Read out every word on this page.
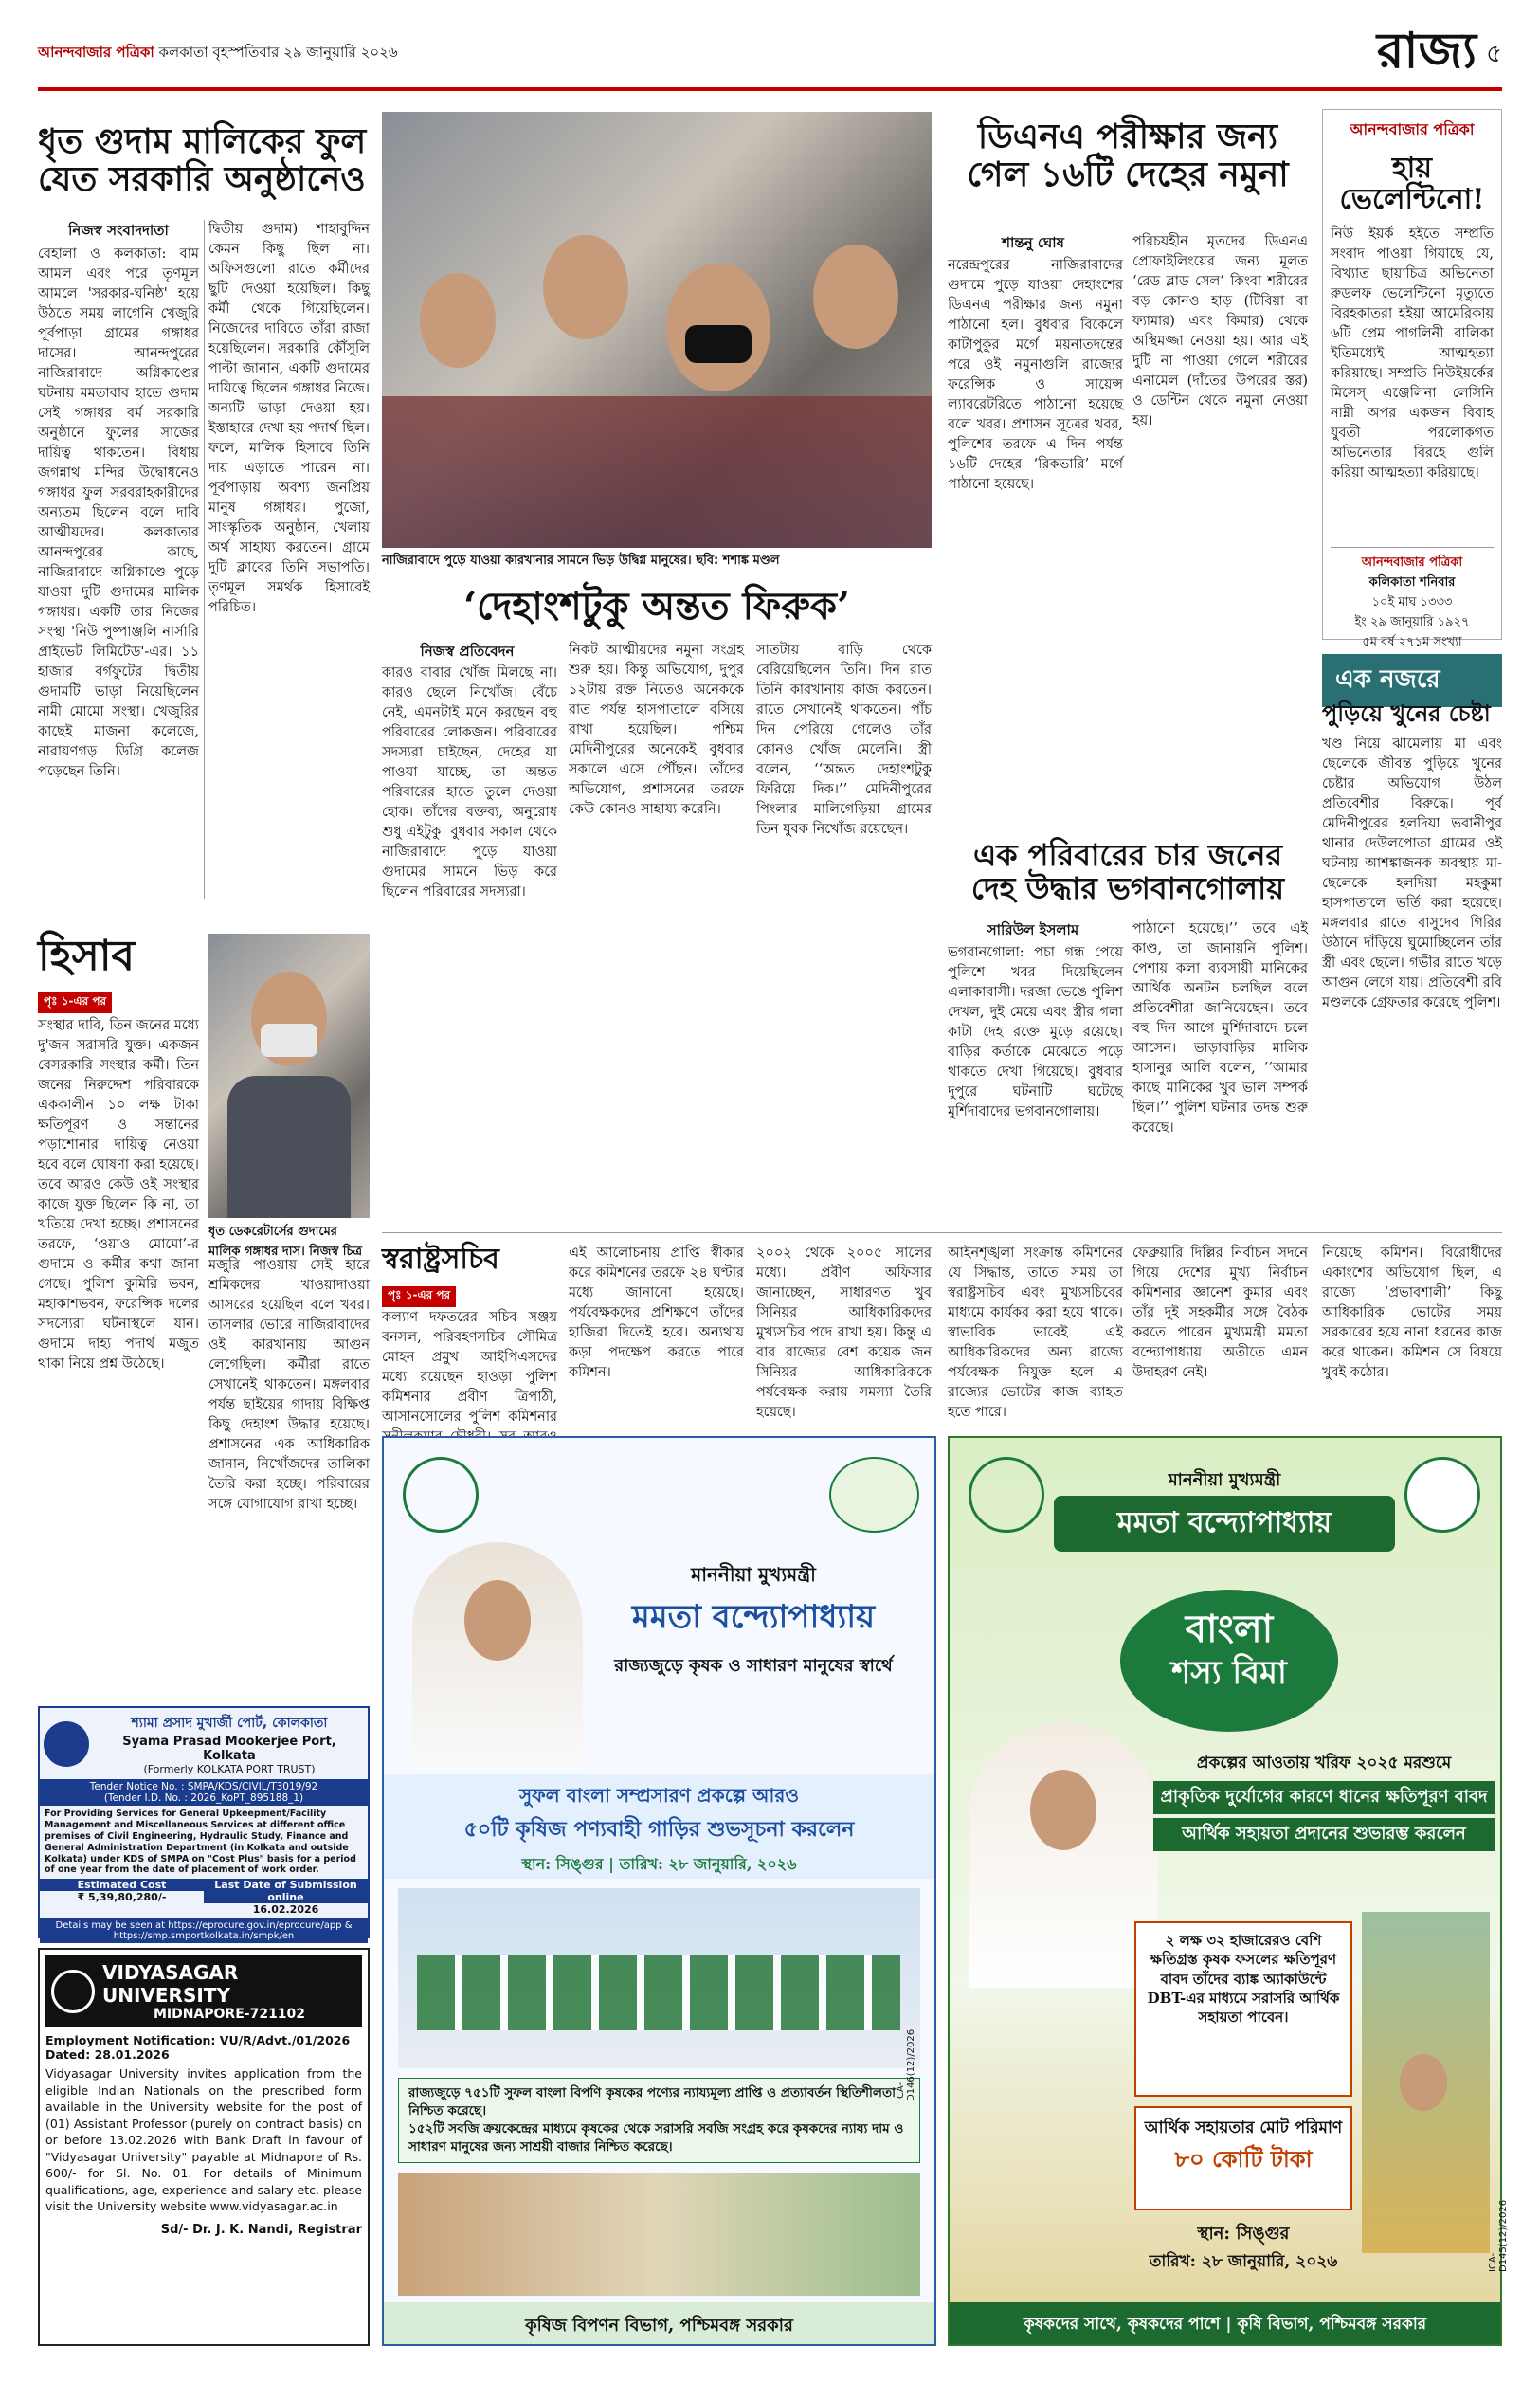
আনন্দবাজার পত্রিকা কলকাতা বৃহস্পতিবার ২৯ জানুয়ারি ২০২৬	রাজ্য ৫
ধৃত গুদাম মালিকের ফুল যেত সরকারি অনুষ্ঠানেও
নিজস্ব সংবাদদাতা
বেহালা ও কলকাতা: বাম আমল এবং পরে তৃণমূল আমলে 'সরকার-ঘনিষ্ঠ' হয়ে উঠতে সময় লাগেনি খেজুরি পূর্বপাড়া গ্রামের গঙ্গাধর দাসের। আনন্দপুরের নাজিরাবাদে অগ্নিকাণ্ডের ঘটনায় মমতাবাব হাতে গুদাম সেই গঙ্গাধর বর্ম সরকারি অনুষ্ঠানে ফুলের সাজের দায়িত্ব থাকতেন। বিধায় জগন্নাথ মন্দির উদ্বোধনেও গঙ্গাধর ফুল সরবরাহকারীদের অন্যতম ছিলেন বলে দাবি আত্মীয়দের। কলকাতার আনন্দপুরের কাছে, নাজিরাবাদে অগ্নিকাণ্ডে পুড়ে যাওয়া দুটি গুদামের মালিক গঙ্গাধর। একটি তার নিজের সংস্থা 'নিউ পুষ্পাঞ্জলি নার্সারি প্রাইভেট লিমিটেড'-এর। ১১ হাজার বর্গফুটের দ্বিতীয় গুদামটি ভাড়া নিয়েছিলেন নামী মোমো সংস্থা। খেজুরির কাছেই মাজনা কলেজে, নারায়ণগড় ডিগ্রি কলেজ পড়েছেন তিনি।
দ্বিতীয় গুদাম) শাহাবুদ্দিন কেমন কিছু ছিল না। অফিসগুলো রাতে কর্মীদের ছুটি দেওয়া হয়েছিল। কিছু কর্মী থেকে গিয়েছিলেন। নিজেদের দাবিতে তাঁরা রাজা হয়েছিলেন। সরকারি কৌঁসুলি পাল্টা জানান, একটি গুদামের দায়িত্বে ছিলেন গঙ্গাধর নিজে। অন্যটি ভাড়া দেওয়া হয়। ইস্তাহারে দেখা হয় পদার্থ ছিল। ফলে, মালিক হিসাবে তিনি দায় এড়াতে পারেন না। পূর্বপাড়ায় অবশ্য জনপ্রিয় মানুষ গঙ্গাধর। পুজো, সাংস্কৃতিক অনুষ্ঠান, খেলায় অর্থ সাহায্য করতেন। গ্রামে দুটি ক্লাবের তিনি সভাপতি। তৃণমূল সমর্থক হিসাবেই পরিচিত।
নাজিরাবাদে পুড়ে যাওয়া কারখানার সামনে ভিড় উদ্বিগ্ন মানুষের। ছবি: শশাঙ্ক মণ্ডল
‘দেহাংশটুকু অন্তত ফিরুক’
নিজস্ব প্রতিবেদন
কারও বাবার খোঁজ মিলছে না। কারও ছেলে নিখোঁজ। বেঁচে নেই, এমনটাই মনে করছেন বহু পরিবারের লোকজন। পরিবারের সদস্যরা চাইছেন, দেহের যা পাওয়া যাচ্ছে, তা অন্তত পরিবারের হাতে তুলে দেওয়া হোক। তাঁদের বক্তব্য, অনুরোধ শুধু এইটুকু। বুধবার সকাল থেকে নাজিরাবাদে পুড়ে যাওয়া গুদামের সামনে ভিড় করে ছিলেন পরিবারের সদস্যরা।
নিকট আত্মীয়দের নমুনা সংগ্রহ শুরু হয়। কিন্তু অভিযোগ, দুপুর ১২টায় রক্ত নিতেও অনেককে রাত পর্যন্ত হাসপাতালে বসিয়ে রাখা হয়েছিল। পশ্চিম মেদিনীপুরের অনেকেই বুধবার সকালে এসে পৌঁছন। তাঁদের অভিযোগ, প্রশাসনের তরফে কেউ কোনও সাহায্য করেনি।
সাতটায় বাড়ি থেকে বেরিয়েছিলেন তিনি। দিন রাত তিনি কারখানায় কাজ করতেন। রাতে সেখানেই থাকতেন। পাঁচ দিন পেরিয়ে গেলেও তাঁর কোনও খোঁজ মেলেনি। স্ত্রী বলেন, ‘‘অন্তত দেহাংশটুকু ফিরিয়ে দিক।’’ মেদিনীপুরের পিংলার মালিগেড়িয়া গ্রামের তিন যুবক নিখোঁজ রয়েছেন।
ডিএনএ পরীক্ষার জন্য গেল ১৬টি দেহের নমুনা
শান্তনু ঘোষ
নরেন্দ্রপুরের নাজিরাবাদের গুদামে পুড়ে যাওয়া দেহাংশের ডিএনএ পরীক্ষার জন্য নমুনা পাঠানো হল। বুধবার বিকেলে কাটাপুকুর মর্গে ময়নাতদন্তের পরে ওই নমুনাগুলি রাজ্যের ফরেন্সিক ও সায়েন্স ল্যাবরেটরিতে পাঠানো হয়েছে বলে খবর। প্রশাসন সূত্রের খবর, পুলিশের তরফে এ দিন পর্যন্ত ১৬টি দেহের ‘রিকভারি’ মর্গে পাঠানো হয়েছে।
পরিচয়হীন মৃতদের ডিএনএ প্রোফাইলিংয়ের জন্য মূলত ‘রেড ব্লাড সেল’ কিংবা শরীরের বড় কোনও হাড় (টিবিয়া বা ফ্যামার) এবং কিমার) থেকে অস্থিমজ্জা নেওয়া হয়। আর এই দুটি না পাওয়া গেলে শরীরের এনামেল (দাঁতের উপরের স্তর) ও ডেন্টিন থেকে নমুনা নেওয়া হয়।
আনন্দবাজার পত্রিকা
হায় ভেলেন্টিনো!
নিউ ইয়র্ক হইতে সম্প্রতি সংবাদ পাওয়া গিয়াছে যে, বিখ্যাত ছায়াচিত্র অভিনেতা রুডলফ ভেলেন্টিনো মৃত্যুতে বিরহকাতরা হইয়া আমেরিকায় ৬টি প্রেম পাগলিনী বালিকা ইতিমধ্যেই আত্মহত্যা করিয়াছে। সম্প্রতি নিউইয়র্কের মিসেস্ এঞ্জেলিনা লেসিনি নাম্নী অপর একজন বিবাহ যুবতী পরলোকগত অভিনেতার বিরহে গুলি করিয়া আত্মহত্যা করিয়াছে।
আনন্দবাজার পত্রিকা
কলিকাতা শনিবার
১০ই মাঘ ১৩৩৩
ইং ২৯ জানুয়ারি ১৯২৭
৫ম বর্ষ ২৭১ম সংখ্যা
এক নজরে
পুড়িয়ে খুনের চেষ্টা
খণ্ড নিয়ে ঝামেলায় মা এবং ছেলেকে জীবন্ত পুড়িয়ে খুনের চেষ্টার অভিযোগ উঠল প্রতিবেশীর বিরুদ্ধে। পূর্ব মেদিনীপুরের হলদিয়া ভবানীপুর থানার দেউলপোতা গ্রামের ওই ঘটনায় আশঙ্কাজনক অবস্থায় মা-ছেলেকে হলদিয়া মহকুমা হাসপাতালে ভর্তি করা হয়েছে। মঙ্গলবার রাতে বাসুদেব গিরির উঠানে দাঁড়িয়ে ঘুমোচ্ছিলেন তাঁর স্ত্রী এবং ছেলে। গভীর রাতে খড়ে আগুন লেগে যায়। প্রতিবেশী রবি মণ্ডলকে গ্রেফতার করেছে পুলিশ।
এক পরিবারের চার জনের দেহ উদ্ধার ভগবানগোলায়
সারিউল ইসলাম
ভগবানগোলা: পচা গন্ধ পেয়ে পুলিশে খবর দিয়েছিলেন এলাকাবাসী। দরজা ভেঙে পুলিশ দেখল, দুই মেয়ে এবং স্ত্রীর গলা কাটা দেহ রক্তে মুড়ে রয়েছে। বাড়ির কর্তাকে মেঝেতে পড়ে থাকতে দেখা গিয়েছে। বুধবার দুপুরে ঘটনাটি ঘটেছে মুর্শিদাবাদের ভগবানগোলায়।
পাঠানো হয়েছে।’’ তবে এই কাণ্ড, তা জানায়নি পুলিশ। পেশায় কলা ব্যবসায়ী মানিকের আর্থিক অনটন চলছিল বলে প্রতিবেশীরা জানিয়েছেন। তবে বহু দিন আগে মুর্শিদাবাদে চলে আসেন। ভাড়াবাড়ির মালিক হাসানুর আলি বলেন, ‘‘আমার কাছে মানিকের খুব ভাল সম্পর্ক ছিল।’’ পুলিশ ঘটনার তদন্ত শুরু করেছে।
হিসাব
পৃঃ ১-এর পর
সংস্থার দাবি, তিন জনের মধ্যে দু'জন সরাসরি যুক্ত। একজন বেসরকারি সংস্থার কর্মী। তিন জনের নিরুদ্দেশ পরিবারকে এককালীন ১০ লক্ষ টাকা ক্ষতিপূরণ ও সন্তানের পড়াশোনার দায়িত্ব নেওয়া হবে বলে ঘোষণা করা হয়েছে। তবে আরও কেউ ওই সংস্থার কাজে যুক্ত ছিলেন কি না, তা খতিয়ে দেখা হচ্ছে। প্রশাসনের তরফে, ‘ওয়াও মোমো’-র গুদামে ও কর্মীর কথা জানা গেছে। পুলিশ কুমিরি ভবন, মহাকাশভবন, ফরেন্সিক দলের সদস্যেরা ঘটনাস্থলে যান। গুদামে দাহ্য পদার্থ মজুত থাকা নিয়ে প্রশ্ন উঠেছে।
ধৃত ডেকরেটার্সের গুদামের মালিক গঙ্গাধর দাস। নিজস্ব চিত্র
মজুরি পাওয়ায় সেই হারে শ্রমিকদের খাওয়াদাওয়া আসরের হয়েছিল বলে খবর। তাসলার ভোরে নাজিরাবাদের ওই কারখানায় আগুন লেগেছিল। কর্মীরা রাতে সেখানেই থাকতেন। মঙ্গলবার পর্যন্ত ছাইয়ের গাদায় বিক্ষিপ্ত কিছু দেহাংশ উদ্ধার হয়েছে। প্রশাসনের এক আধিকারিক জানান, নিখোঁজদের তালিকা তৈরি করা হচ্ছে। পরিবারের সঙ্গে যোগাযোগ রাখা হচ্ছে।
স্বরাষ্ট্রসচিব
পৃঃ ১-এর পর
কল্যাণ দফতরের সচিব সঞ্জয় বনসল, পরিবহণসচিব সৌমিত্র মোহন প্রমুখ। আইপিএসদের মধ্যে রয়েছেন হাওড়া পুলিশ কমিশনার প্রবীণ ত্রিপাঠী, আসানসোলের পুলিশ কমিশনার
এই আলোচনায় প্রাপ্তি স্বীকার করে কমিশনের তরফে ২৪ ঘণ্টার মধ্যে জানানো হয়েছে। পর্যবেক্ষকদের প্রশিক্ষণে তাঁদের হাজিরা দিতেই হবে। অন্যথায় কড়া পদক্ষেপ করতে পারে কমিশন।
২০০২ থেকে ২০০৫ সালের মধ্যে। প্রবীণ অফিসার জানাচ্ছেন, সাধারণত খুব সিনিয়র আধিকারিকদের মুখ্যসচিব পদে রাখা হয়। কিন্তু এ বার রাজ্যের বেশ কয়েক জন সিনিয়র আধিকারিককে পর্যবেক্ষক করায় সমস্যা তৈরি হয়েছে।
আইনশৃঙ্খলা সংক্রান্ত কমিশনের যে সিদ্ধান্ত, তাতে সময় তা স্বরাষ্ট্রসচিব এবং মুখ্যসচিবের মাধ্যমে কার্যকর করা হয়ে থাকে। স্বাভাবিক ভাবেই এই আধিকারিকদের অন্য রাজ্যে পর্যবেক্ষক নিযুক্ত হলে এ রাজ্যের ভোটের কাজ ব্যাহত হতে পারে।
ফেব্রুয়ারি দিল্লির নির্বাচন সদনে গিয়ে দেশের মুখ্য নির্বাচন কমিশনার জ্ঞানেশ কুমার এবং তাঁর দুই সহকর্মীর সঙ্গে বৈঠক করতে পারেন মুখ্যমন্ত্রী মমতা বন্দ্যোপাধ্যায়। অতীতে এমন উদাহরণ নেই।
নিয়েছে কমিশন। বিরোধীদের একাংশের অভিযোগ ছিল, এ রাজ্যে ‘প্রভাবশালী’ কিছু আধিকারিক ভোটের সময় সরকারের হয়ে নানা ধরনের কাজ করে থাকেন। কমিশন সে বিষয়ে খুবই কঠোর।
শ্যামা প্রসাদ মুখার্জী পোর্ট, কোলকাতা
Syama Prasad Mookerjee Port, Kolkata
(Formerly KOLKATA PORT TRUST)
Tender Notice No. : SMPA/KDS/CIVIL/T3019/92
(Tender I.D. No. : 2026_KoPT_895188_1)
For Providing Services for General Upkeepment/Facility Management and Miscellaneous Services at different office premises of Civil Engineering, Hydraulic Study, Finance and General Administration Department (in Kolkata and outside Kolkata) under KDS of SMPA on "Cost Plus" basis for a period of one year from the date of placement of work order.
Estimated Cost
₹ 5,39,80,280/-
Last Date of Submission online
16.02.2026
Details may be seen at https://eprocure.gov.in/eprocure/app & https://smp.smportkolkata.in/smpk/en
VIDYASAGAR UNIVERSITY
MIDNAPORE-721102
Employment Notification: VU/R/Advt./01/2026 Dated: 28.01.2026
Vidyasagar University invites application from the eligible Indian Nationals on the prescribed form available in the University website for the post of (01) Assistant Professor (purely on contract basis) on or before 13.02.2026 with Bank Draft in favour of "Vidyasagar University" payable at Midnapore of Rs. 600/- for Sl. No. 01. For details of Minimum qualifications, age, experience and salary etc. please visit the University website www.vidyasagar.ac.in
Sd/- Dr. J. K. Nandi, Registrar
মাননীয়া মুখ্যমন্ত্রী
মমতা বন্দ্যোপাধ্যায়
রাজ্যজুড়ে কৃষক ও সাধারণ মানুষের স্বার্থে
সুফল বাংলা সম্প্রসারণ প্রকল্পে আরও
৫০টি কৃষিজ পণ্যবাহী গাড়ির শুভসূচনা করলেন
স্থান: সিঙ্গুর | তারিখ: ২৮ জানুয়ারি, ২০২৬
রাজ্যজুড়ে ৭৫১টি সুফল বাংলা বিপণি কৃষকের পণ্যের ন্যায্যমূল্য প্রাপ্তি ও প্রত্যাবর্তন স্থিতিশীলতা নিশ্চিত করেছে।
১৫২টি সবজি ক্রয়কেন্দ্রের মাধ্যমে কৃষকের থেকে সরাসরি সবজি সংগ্রহ করে কৃষকদের ন্যায্য দাম ও সাধারণ মানুষের জন্য সাশ্রয়ী বাজার নিশ্চিত করেছে।
কৃষিজ বিপণন বিভাগ, পশ্চিমবঙ্গ সরকার
ICA-D146(12)/2026
মাননীয়া মুখ্যমন্ত্রী
মমতা বন্দ্যোপাধ্যায়
বাংলা
শস্য বিমা
প্রকল্পের আওতায় খরিফ ২০২৫ মরশুমে
প্রাকৃতিক দুর্যোগের কারণে ধানের ক্ষতিপূরণ বাবদ
আর্থিক সহায়তা প্রদানের শুভারম্ভ করলেন
২ লক্ষ ৩২ হাজারেরও বেশি ক্ষতিগ্রস্ত কৃষক ফসলের ক্ষতিপূরণ বাবদ তাঁদের ব্যাঙ্ক অ্যাকাউন্টে DBT-এর মাধ্যমে সরাসরি আর্থিক সহায়তা পাবেন।
আর্থিক সহায়তার মোট পরিমাণ
৮০ কোটি টাকা
স্থান: সিঙ্গুর
তারিখ: ২৮ জানুয়ারি, ২০২৬
কৃষকদের সাথে, কৃষকদের পাশে | কৃষি বিভাগ, পশ্চিমবঙ্গ সরকার
ICA-D145(12)/2026
